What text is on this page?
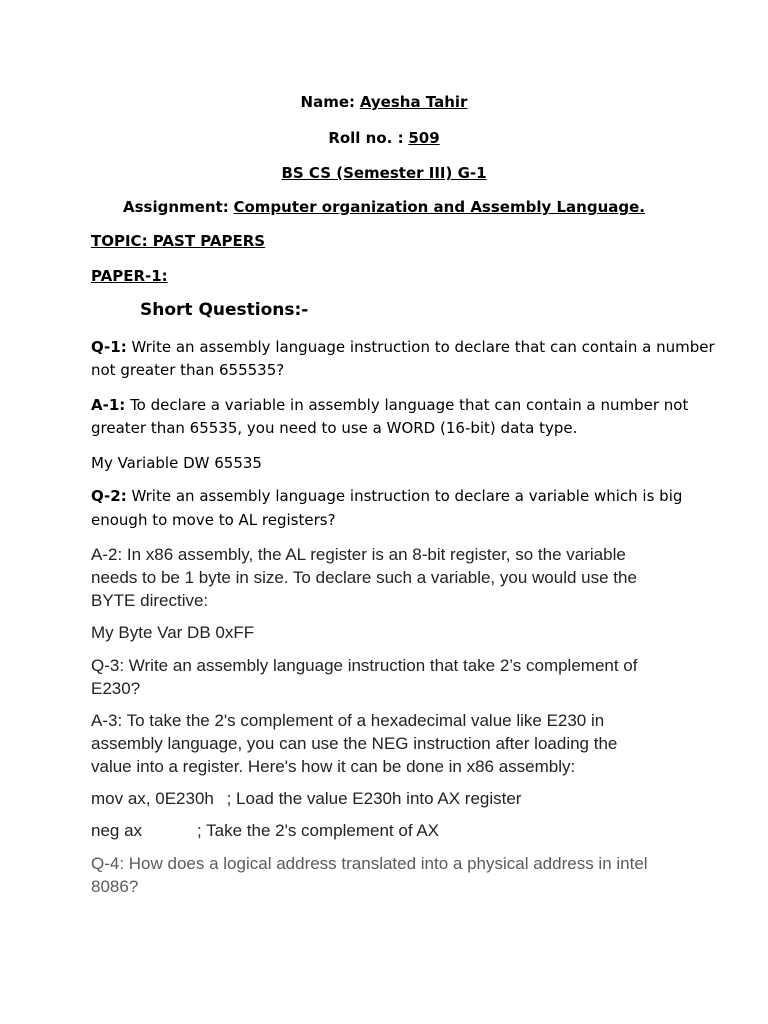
Name: Ayesha Tahir
Roll no. : 509
BS CS (Semester III) G-1
Assignment: Computer organization and Assembly Language.
TOPIC: PAST PAPERS
PAPER-1:
Short Questions:-
Q-1: Write an assembly language instruction to declare that can contain a number
not greater than 655535?
A-1: To declare a variable in assembly language that can contain a number not
greater than 65535, you need to use a WORD (16-bit) data type.
My Variable DW 65535
Q-2: Write an assembly language instruction to declare a variable which is big
enough to move to AL registers?
A-2: In x86 assembly, the AL register is an 8-bit register, so the variable
needs to be 1 byte in size. To declare such a variable, you would use the
BYTE directive:
My Byte Var DB 0xFF
Q-3: Write an assembly language instruction that take 2’s complement of
E230?
A-3: To take the 2's complement of a hexadecimal value like E230 in
assembly language, you can use the NEG instruction after loading the
value into a register. Here's how it can be done in x86 assembly:
mov ax, 0E230h ; Load the value E230h into AX register
neg ax	; Take the 2's complement of AX
Q-4: How does a logical address translated into a physical address in intel
8086?
